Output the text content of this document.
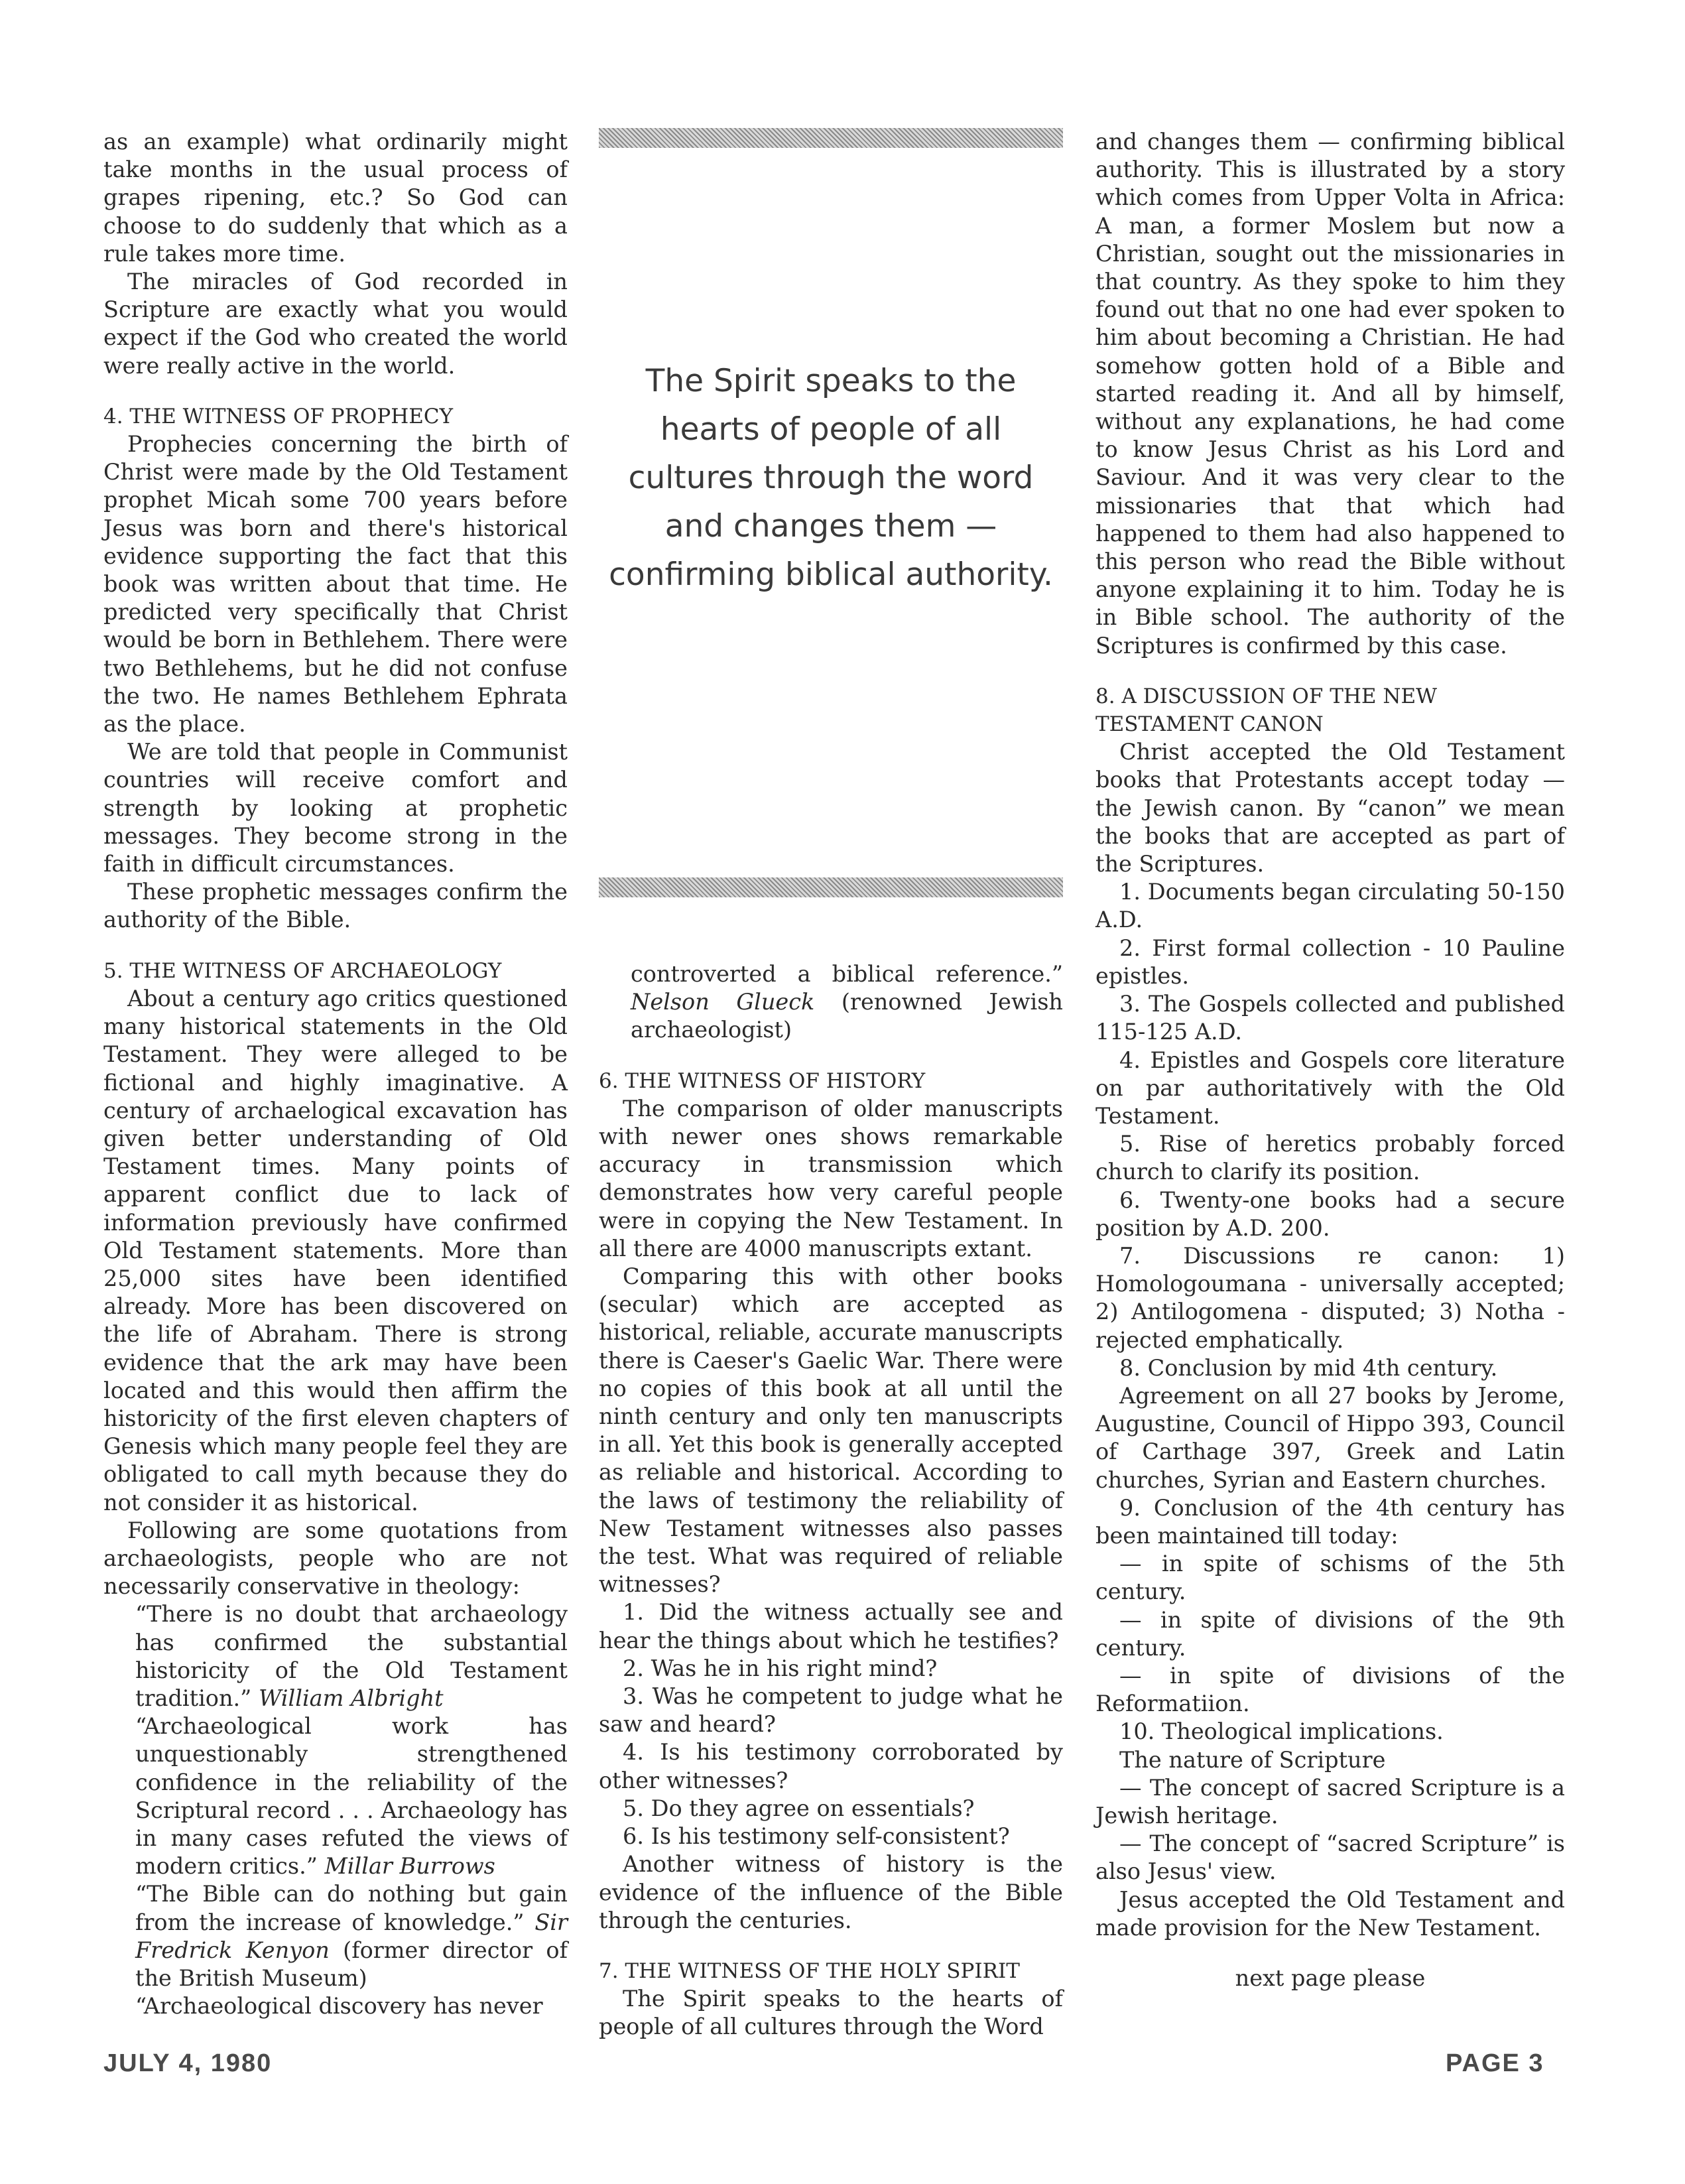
as an example) what ordinarily might take months in the usual process of grapes ripening, etc.? So God can choose to do suddenly that which as a rule takes more time.

The miracles of God recorded in Scripture are exactly what you would expect if the God who created the world were really active in the world.

4. THE WITNESS OF PROPHECY

Prophecies concerning the birth of Christ were made by the Old Testament prophet Micah some 700 years before Jesus was born and there's historical evidence supporting the fact that this book was written about that time. He predicted very specifically that Christ would be born in Bethlehem. There were two Bethlehems, but he did not confuse the two. He names Bethlehem Ephrata as the place.

We are told that people in Communist countries will receive comfort and strength by looking at prophetic messages. They become strong in the faith in difficult circumstances.

These prophetic messages confirm the authority of the Bible.

5. THE WITNESS OF ARCHAEOLOGY

About a century ago critics questioned many historical statements in the Old Testament. They were alleged to be fictional and highly imaginative. A century of archaelogical excavation has given better understanding of Old Testament times. Many points of apparent conflict due to lack of information previously have confirmed Old Testament statements. More than 25,000 sites have been identified already. More has been discovered on the life of Abraham. There is strong evidence that the ark may have been located and this would then affirm the historicity of the first eleven chapters of Genesis which many people feel they are obligated to call myth because they do not consider it as historical.

Following are some quotations from archaeologists, people who are not necessarily conservative in theology:

“There is no doubt that archaeology has confirmed the substantial historicity of the Old Testament tradition.” William Albright

“Archaeological work has unquestionably strengthened confidence in the reliability of the Scriptural record . . . Archaeology has in many cases refuted the views of modern critics.” Millar Burrows

“The Bible can do nothing but gain from the increase of knowledge.” Sir Fredrick Kenyon (former director of the British Museum)

“Archaeological discovery has never

The Spirit speaks to the hearts of people of all cultures through the word and changes them — confirming biblical authority.

controverted a biblical reference.” Nelson Glueck (renowned Jewish archaeologist)

6. THE WITNESS OF HISTORY

The comparison of older manuscripts with newer ones shows remarkable accuracy in transmission which demonstrates how very careful people were in copying the New Testament. In all there are 4000 manuscripts extant.

Comparing this with other books (secular) which are accepted as historical, reliable, accurate manuscripts there is Caeser's Gaelic War. There were no copies of this book at all until the ninth century and only ten manuscripts in all. Yet this book is generally accepted as reliable and historical. According to the laws of testimony the reliability of New Testament witnesses also passes the test. What was required of reliable witnesses?

1. Did the witness actually see and hear the things about which he testifies?

2. Was he in his right mind?

3. Was he competent to judge what he saw and heard?

4. Is his testimony corroborated by other witnesses?

5. Do they agree on essentials?

6. Is his testimony self-consistent?

Another witness of history is the evidence of the influence of the Bible through the centuries.

7. THE WITNESS OF THE HOLY SPIRIT

The Spirit speaks to the hearts of people of all cultures through the Word

and changes them — confirming biblical authority. This is illustrated by a story which comes from Upper Volta in Africa: A man, a former Moslem but now a Christian, sought out the missionaries in that country. As they spoke to him they found out that no one had ever spoken to him about becoming a Christian. He had somehow gotten hold of a Bible and started reading it. And all by himself, without any explanations, he had come to know Jesus Christ as his Lord and Saviour. And it was very clear to the missionaries that that which had happened to them had also happened to this person who read the Bible without anyone explaining it to him. Today he is in Bible school. The authority of the Scriptures is confirmed by this case.

8. A DISCUSSION OF THE NEW TESTAMENT CANON

Christ accepted the Old Testament books that Protestants accept today — the Jewish canon. By “canon” we mean the books that are accepted as part of the Scriptures.

1. Documents began circulating 50-150 A.D.

2. First formal collection - 10 Pauline epistles.

3. The Gospels collected and published 115-125 A.D.

4. Epistles and Gospels core literature on par authoritatively with the Old Testament.

5. Rise of heretics probably forced church to clarify its position.

6. Twenty-one books had a secure position by A.D. 200.

7. Discussions re canon: 1) Homologoumana - universally accepted; 2) Antilogomena - disputed; 3) Notha - rejected emphatically.

8. Conclusion by mid 4th century.

Agreement on all 27 books by Jerome, Augustine, Council of Hippo 393, Council of Carthage 397, Greek and Latin churches, Syrian and Eastern churches.

9. Conclusion of the 4th century has been maintained till today:

— in spite of schisms of the 5th century.

— in spite of divisions of the 9th century.

— in spite of divisions of the Reformatiion.

10. Theological implications.

The nature of Scripture

— The concept of sacred Scripture is a Jewish heritage.

— The concept of “sacred Scripture” is also Jesus' view.

Jesus accepted the Old Testament and made provision for the New Testament.

next page please

JULY 4, 1980	PAGE 3
